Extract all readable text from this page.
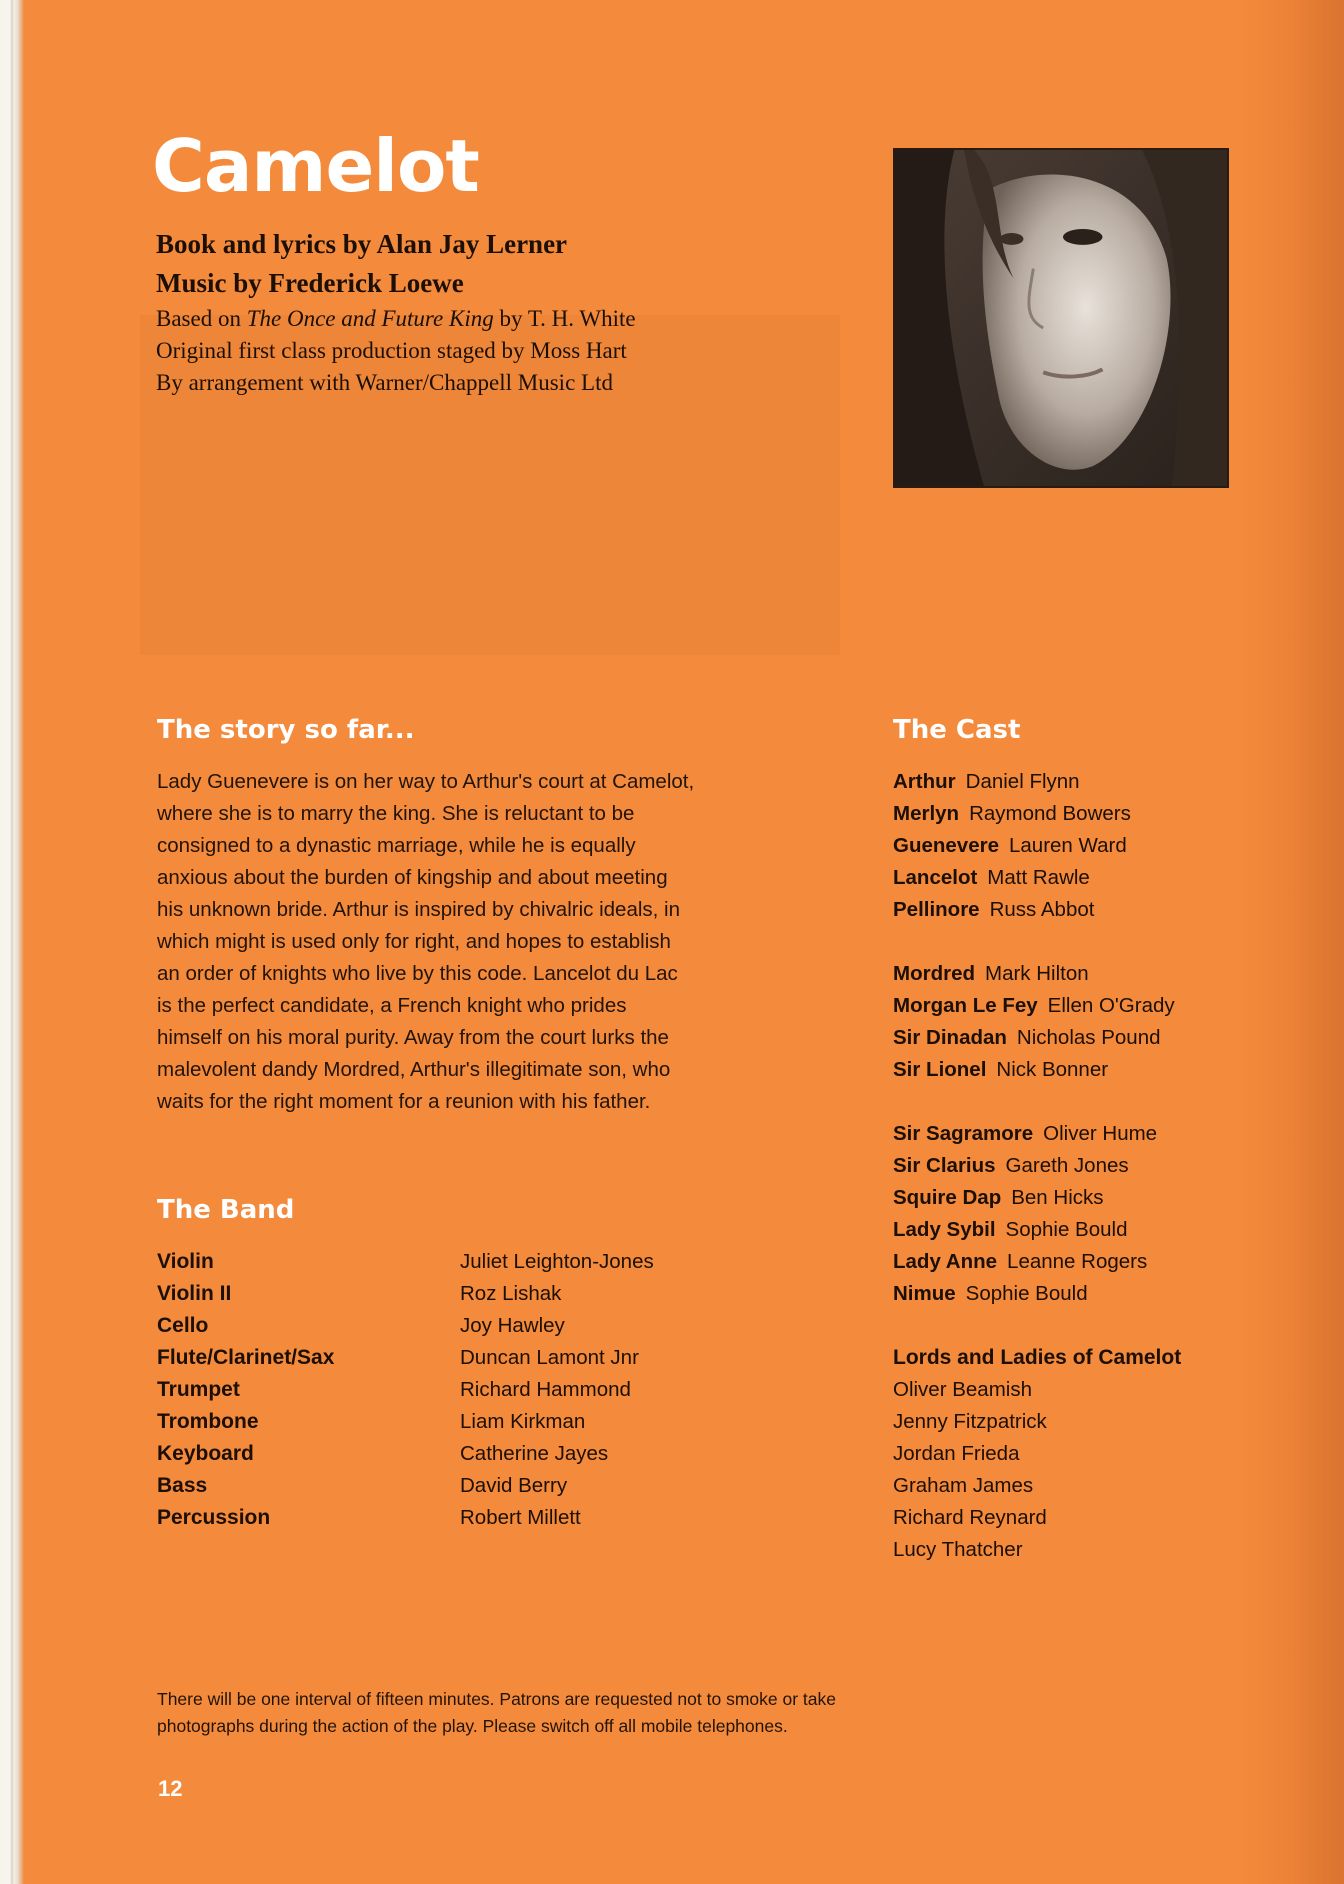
Camelot

Book and lyrics by Alan Jay Lerner

Music by Frederick Loewe

Based on The Once and Future King by T. H. White

Original first class production staged by Moss Hart

By arrangement with Warner/Chappell Music Ltd

The story so far...

Lady Guenevere is on her way to Arthur's court at Camelot, where she is to marry the king. She is reluctant to be consigned to a dynastic marriage, while he is equally anxious about the burden of kingship and about meeting his unknown bride. Arthur is inspired by chivalric ideals, in which might is used only for right, and hopes to establish an order of knights who live by this code. Lancelot du Lac is the perfect candidate, a French knight who prides himself on his moral purity. Away from the court lurks the malevolent dandy Mordred, Arthur's illegitimate son, who waits for the right moment for a reunion with his father.

The Band
Violin	Juliet Leighton-Jones
Violin II	Roz Lishak
Cello	Joy Hawley
Flute/Clarinet/Sax	Duncan Lamont Jnr
Trumpet	Richard Hammond
Trombone	Liam Kirkman
Keyboard	Catherine Jayes
Bass	David Berry
Percussion	Robert Millett
The Cast
Arthur Daniel Flynn
Merlyn Raymond Bowers
Guenevere Lauren Ward
Lancelot Matt Rawle
Pellinore Russ Abbot
Mordred Mark Hilton
Morgan Le Fey Ellen O'Grady
Sir Dinadan Nicholas Pound
Sir Lionel Nick Bonner
Sir Sagramore Oliver Hume
Sir Clarius Gareth Jones
Squire Dap Ben Hicks
Lady Sybil Sophie Bould
Lady Anne Leanne Rogers
Nimue Sophie Bould
Lords and Ladies of Camelot
Oliver Beamish
Jenny Fitzpatrick
Jordan Frieda
Graham James
Richard Reynard
Lucy Thatcher

There will be one interval of fifteen minutes. Patrons are requested not to smoke or take photographs during the action of the play. Please switch off all mobile telephones.

12
